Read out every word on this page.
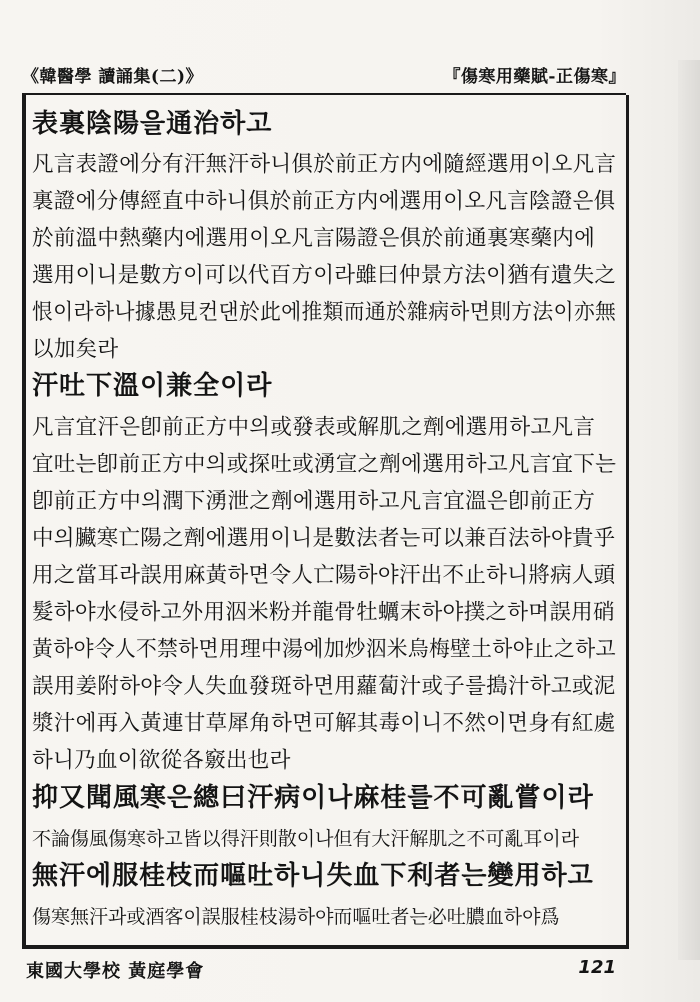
《韓醫學 讀誦集(二)》	『傷寒用藥賦-正傷寒』
表裏陰陽을通治하고
凡言表證에分有汗無汗하니俱於前正方内에隨經選用이오凡言
裏證에分傳經直中하니俱於前正方内에選用이오凡言陰證은俱
於前溫中熱藥内에選用이오凡言陽證은俱於前通裏寒藥内에
選用이니是數方이可以代百方이라雖曰仲景方法이猶有遺失之
恨이라하나據愚見컨댄於此에推類而通於雜病하면則方法이亦無
以加矣라
汗吐下溫이兼全이라
凡言宜汗은卽前正方中의或發表或解肌之劑에選用하고凡言
宜吐는卽前正方中의或探吐或湧宣之劑에選用하고凡言宜下는
卽前正方中의潤下湧泄之劑에選用하고凡言宜溫은卽前正方
中의臟寒亡陽之劑에選用이니是數法者는可以兼百法하야貴乎
用之當耳라誤用麻黃하면令人亡陽하야汗出不止하니將病人頭
髮하야水侵하고外用泅米粉并龍骨牡蠣末하야撲之하며誤用硝
黃하야令人不禁하면用理中湯에加炒泅米烏梅壁土하야止之하고
誤用姜附하야令人失血發斑하면用蘿蔔汁或子를搗汁하고或泥
漿汁에再入黃連甘草犀角하면可解其毒이니不然이면身有紅處
하니乃血이欲從各竅出也라
抑又聞風寒은總曰汗病이나麻桂를不可亂嘗이라
不論傷風傷寒하고皆以得汗則散이나但有大汗解肌之不可亂耳이라
無汗에服桂枝而嘔吐하니失血下利者는變用하고
傷寒無汗과或酒客이誤服桂枝湯하야而嘔吐者는必吐膿血하야爲
東國大學校 黃庭學會	121
